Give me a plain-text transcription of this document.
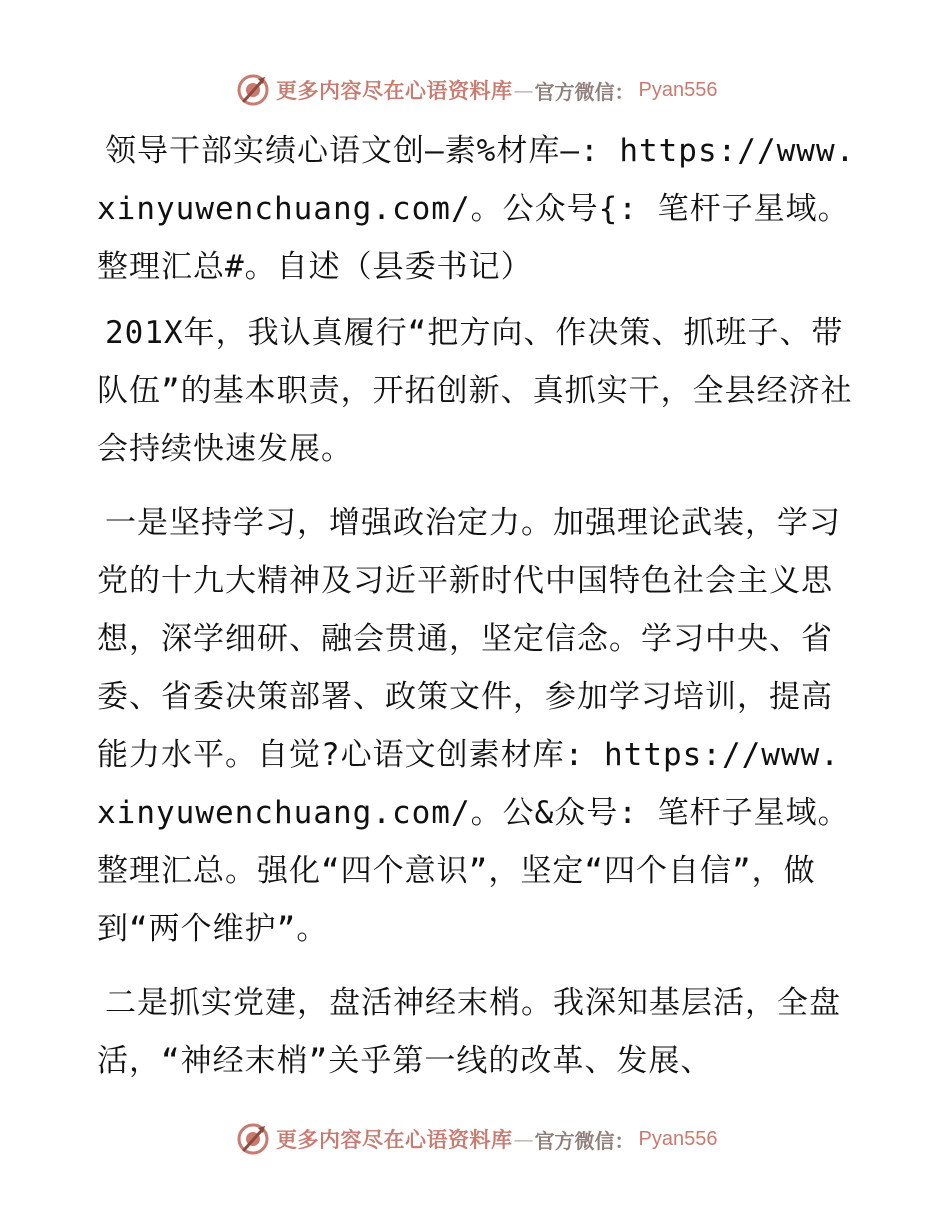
更多内容尽在心语资料库 — 官方微信： Pyan556

领导干部实绩心语文创—素%材库—: https://www.xinyuwenchuang.com/。公众号{: 笔杆子星域。整理汇总#。自述（县委书记）

201X年，我认真履行“把方向、作决策、抓班子、带队伍”的基本职责，开拓创新、真抓实干，全县经济社会持续快速发展。

一是坚持学习，增强政治定力。加强理论武装，学习党的十九大精神及习近平新时代中国特色社会主义思想，深学细研、融会贯通，坚定信念。学习中央、省委、省委决策部署、政策文件，参加学习培训，提高能力水平。自觉?心语文创素材库: https://www.xinyuwenchuang.com/。公&众号: 笔杆子星域。整理汇总。强化“四个意识”，坚定“四个自信”，做到“两个维护”。

二是抓实党建，盘活神经末梢。我深知基层活，全盘活，“神经末梢”关乎第一线的改革、发展、

更多内容尽在心语资料库 — 官方微信： Pyan556
